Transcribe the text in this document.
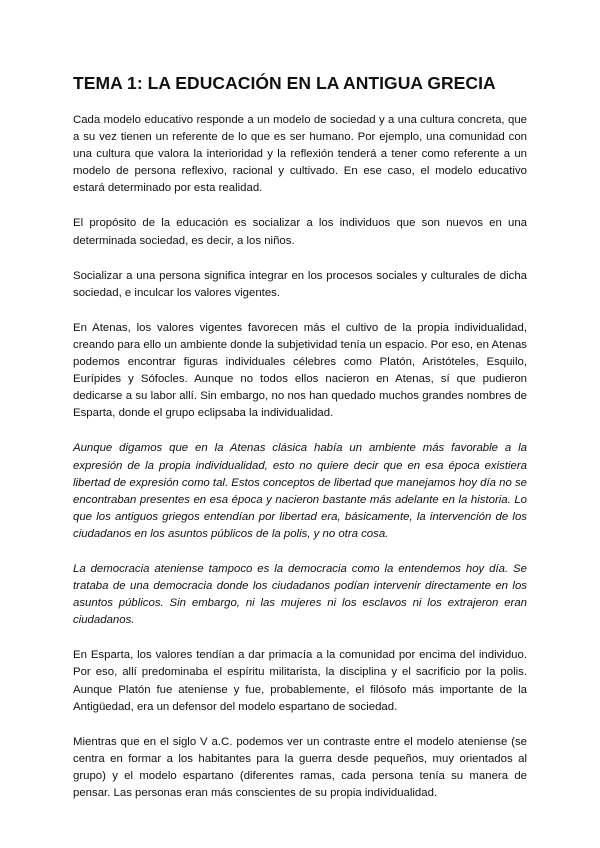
TEMA 1: LA EDUCACIÓN EN LA ANTIGUA GRECIA

Cada modelo educativo responde a un modelo de sociedad y a una cultura concreta, que a su vez tienen un referente de lo que es ser humano. Por ejemplo, una comunidad con una cultura que valora la interioridad y la reflexión tenderá a tener como referente a un modelo de persona reflexivo, racional y cultivado. En ese caso, el modelo educativo estará determinado por esta realidad.

El propósito de la educación es socializar a los individuos que son nuevos en una determinada sociedad, es decir, a los niños.

Socializar a una persona significa integrar en los procesos sociales y culturales de dicha sociedad, e inculcar los valores vigentes.

En Atenas, los valores vigentes favorecen más el cultivo de la propia individualidad, creando para ello un ambiente donde la subjetividad tenía un espacio. Por eso, en Atenas podemos encontrar figuras individuales célebres como Platón, Aristóteles, Esquilo, Eurípides y Sófocles. Aunque no todos ellos nacieron en Atenas, sí que pudieron dedicarse a su labor allí. Sin embargo, no nos han quedado muchos grandes nombres de Esparta, donde el grupo eclipsaba la individualidad.

Aunque digamos que en la Atenas clásica había un ambiente más favorable a la expresión de la propia individualidad, esto no quiere decir que en esa época existiera libertad de expresión como tal. Estos conceptos de libertad que manejamos hoy día no se encontraban presentes en esa época y nacieron bastante más adelante en la historia. Lo que los antiguos griegos entendían por libertad era, básicamente, la intervención de los ciudadanos en los asuntos públicos de la polis, y no otra cosa.

La democracia ateniense tampoco es la democracia como la entendemos hoy día. Se trataba de una democracia donde los ciudadanos podían intervenir directamente en los asuntos públicos. Sin embargo, ni las mujeres ni los esclavos ni los extrajeron eran ciudadanos.

En Esparta, los valores tendían a dar primacía a la comunidad por encima del individuo. Por eso, allí predominaba el espíritu militarista, la disciplina y el sacrificio por la polis. Aunque Platón fue ateniense y fue, probablemente, el filósofo más importante de la Antigüedad, era un defensor del modelo espartano de sociedad.

Mientras que en el siglo V a.C. podemos ver un contraste entre el modelo ateniense (se centra en formar a los habitantes para la guerra desde pequeños, muy orientados al grupo) y el modelo espartano (diferentes ramas, cada persona tenía su manera de pensar. Las personas eran más conscientes de su propia individualidad.
